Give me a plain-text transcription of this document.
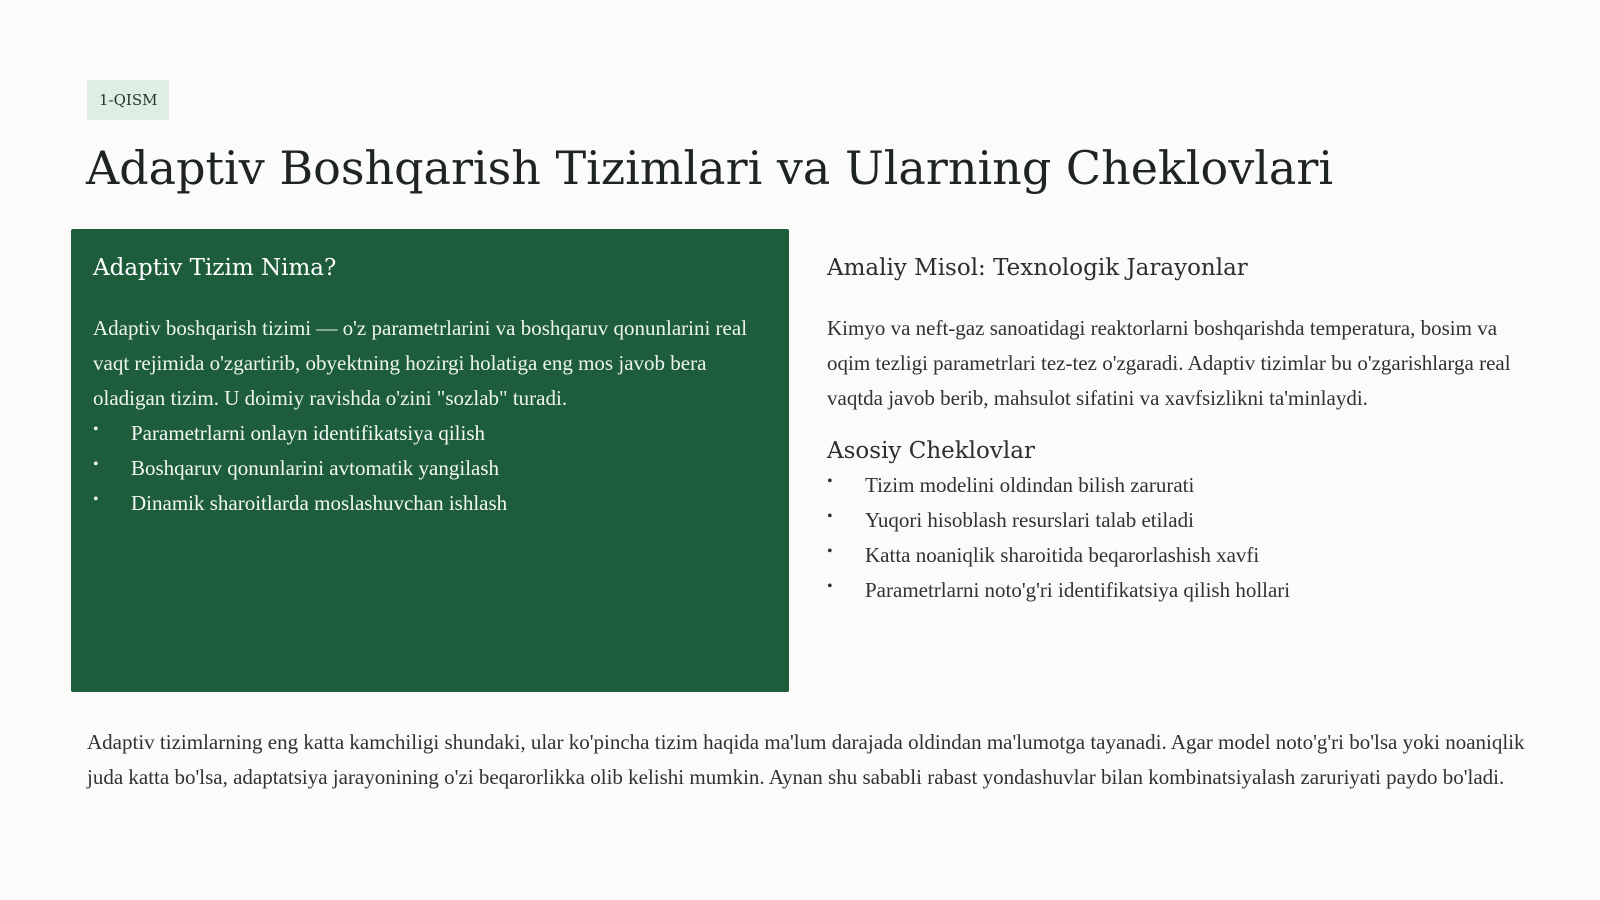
1-QISM
Adaptiv Boshqarish Tizimlari va Ularning Cheklovlari
Adaptiv Tizim Nima?

Adaptiv boshqarish tizimi — o'z parametrlarini va boshqaruv qonunlarini real vaqt rejimida o'zgartirib, obyektning hozirgi holatiga eng mos javob bera oladigan tizim. U doimiy ravishda o'zini "sozlab" turadi.

• Parametrlarni onlayn identifikatsiya qilish
• Boshqaruv qonunlarini avtomatik yangilash
• Dinamik sharoitlarda moslashuvchan ishlash
Amaliy Misol: Texnologik Jarayonlar

Kimyo va neft-gaz sanoatidagi reaktorlarni boshqarishda temperatura, bosim va oqim tezligi parametrlari tez-tez o'zgaradi. Adaptiv tizimlar bu o'zgarishlarga real vaqtda javob berib, mahsulot sifatini va xavfsizlikni ta'minlaydi.

Asosiy Cheklovlar
• Tizim modelini oldindan bilish zarurati
• Yuqori hisoblash resurslari talab etiladi
• Katta noaniqlik sharoitida beqarorlashish xavfi
• Parametrlarni noto'g'ri identifikatsiya qilish hollari

Adaptiv tizimlarning eng katta kamchiligi shundaki, ular ko'pincha tizim haqida ma'lum darajada oldindan ma'lumotga tayanadi. Agar model noto'g'ri bo'lsa yoki noaniqlik juda katta bo'lsa, adaptatsiya jarayonining o'zi beqarorlikka olib kelishi mumkin. Aynan shu sababli rabast yondashuvlar bilan kombinatsiyalash zaruriyati paydo bo'ladi.
